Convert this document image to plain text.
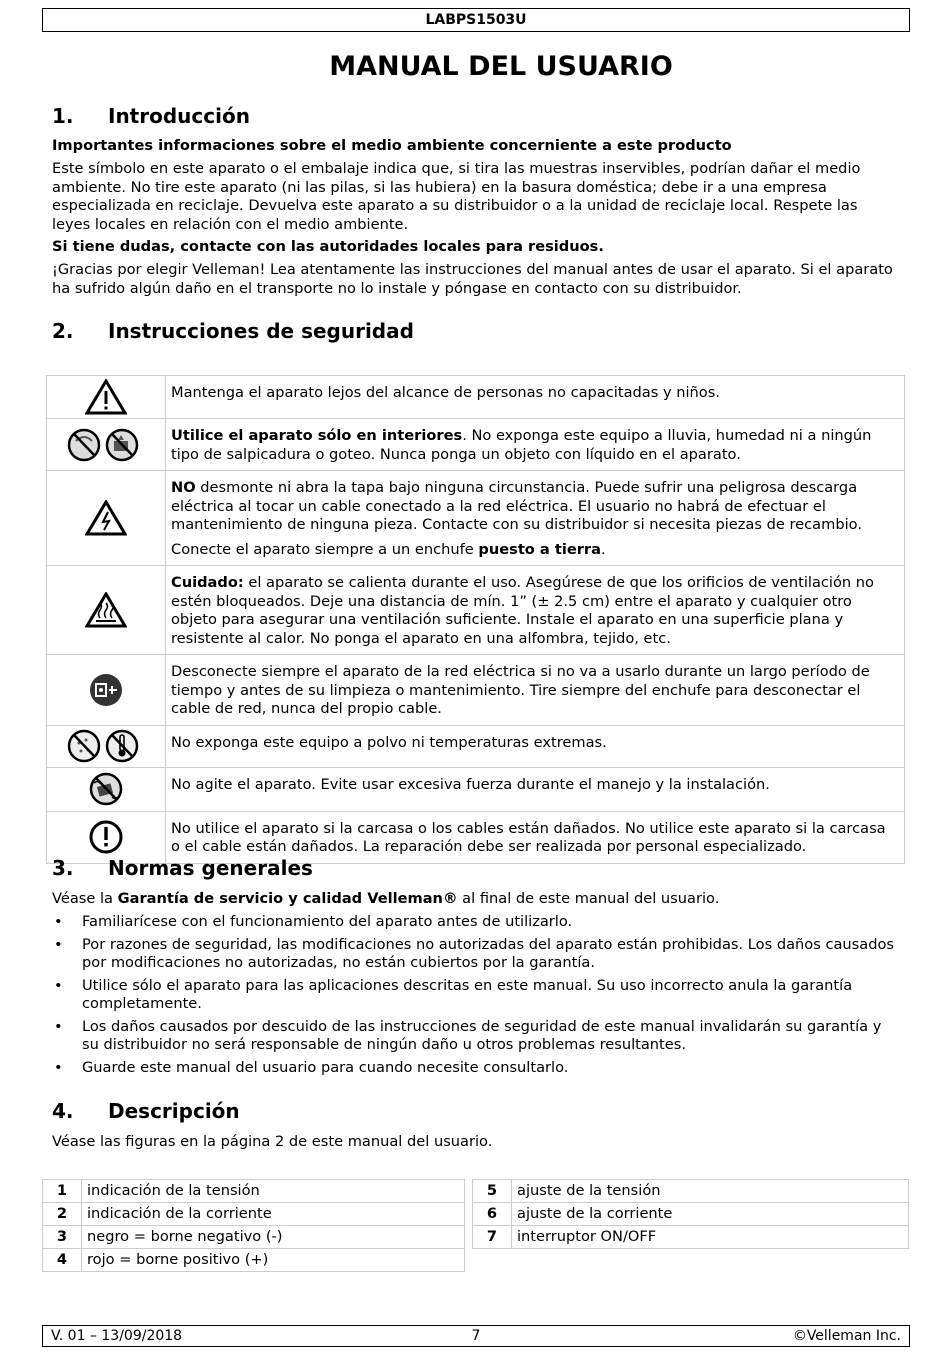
LABPS1503U
MANUAL DEL USUARIO
1. Introducción

Importantes informaciones sobre el medio ambiente concerniente a este producto

Este símbolo en este aparato o el embalaje indica que, si tira las muestras inservibles, podrían dañar el medio ambiente. No tire este aparato (ni las pilas, si las hubiera) en la basura doméstica; debe ir a una empresa especializada en reciclaje. Devuelva este aparato a su distribuidor o a la unidad de reciclaje local. Respete las leyes locales en relación con el medio ambiente.

Si tiene dudas, contacte con las autoridades locales para residuos.

¡Gracias por elegir Velleman! Lea atentamente las instrucciones del manual antes de usar el aparato. Si el aparato ha sufrido algún daño en el transporte no lo instale y póngase en contacto con su distribuidor.

2. Instrucciones de seguridad

Mantenga el aparato lejos del alcance de personas no capacitadas y niños.

Utilice el aparato sólo en interiores. No exponga este equipo a lluvia, humedad ni a ningún tipo de salpicadura o goteo. Nunca ponga un objeto con líquido en el aparato.

NO desmonte ni abra la tapa bajo ninguna circunstancia. Puede sufrir una peligrosa descarga eléctrica al tocar un cable conectado a la red eléctrica. El usuario no habrá de efectuar el mantenimiento de ninguna pieza. Contacte con su distribuidor si necesita piezas de recambio.

Conecte el aparato siempre a un enchufe puesto a tierra.

Cuidado: el aparato se calienta durante el uso. Asegúrese de que los orificios de ventilación no estén bloqueados. Deje una distancia de mín. 1” (± 2.5 cm) entre el aparato y cualquier otro objeto para asegurar una ventilación suficiente. Instale el aparato en una superficie plana y resistente al calor. No ponga el aparato en una alfombra, tejido, etc.

Desconecte siempre el aparato de la red eléctrica si no va a usarlo durante un largo período de tiempo y antes de su limpieza o mantenimiento. Tire siempre del enchufe para desconectar el cable de red, nunca del propio cable.

No exponga este equipo a polvo ni temperaturas extremas.

No agite el aparato. Evite usar excesiva fuerza durante el manejo y la instalación.

No utilice el aparato si la carcasa o los cables están dañados. No utilice este aparato si la carcasa o el cable están dañados. La reparación debe ser realizada por personal especializado.

3. Normas generales

Véase la Garantía de servicio y calidad Velleman® al final de este manual del usuario.

• Familiarícese con el funcionamiento del aparato antes de utilizarlo.
• Por razones de seguridad, las modificaciones no autorizadas del aparato están prohibidas. Los daños causados por modificaciones no autorizadas, no están cubiertos por la garantía.
• Utilice sólo el aparato para las aplicaciones descritas en este manual. Su uso incorrecto anula la garantía completamente.
• Los daños causados por descuido de las instrucciones de seguridad de este manual invalidarán su garantía y su distribuidor no será responsable de ningún daño u otros problemas resultantes.
• Guarde este manual del usuario para cuando necesite consultarlo.
4. Descripción

Véase las figuras en la página 2 de este manual del usuario.

1	indicación de la tensión
2	indicación de la corriente
3	negro = borne negativo (-)
4	rojo = borne positivo (+)
5	ajuste de la tensión
6	ajuste de la corriente
7	interruptor ON/OFF
V. 01 – 13/09/2018	7	©Velleman Inc.
